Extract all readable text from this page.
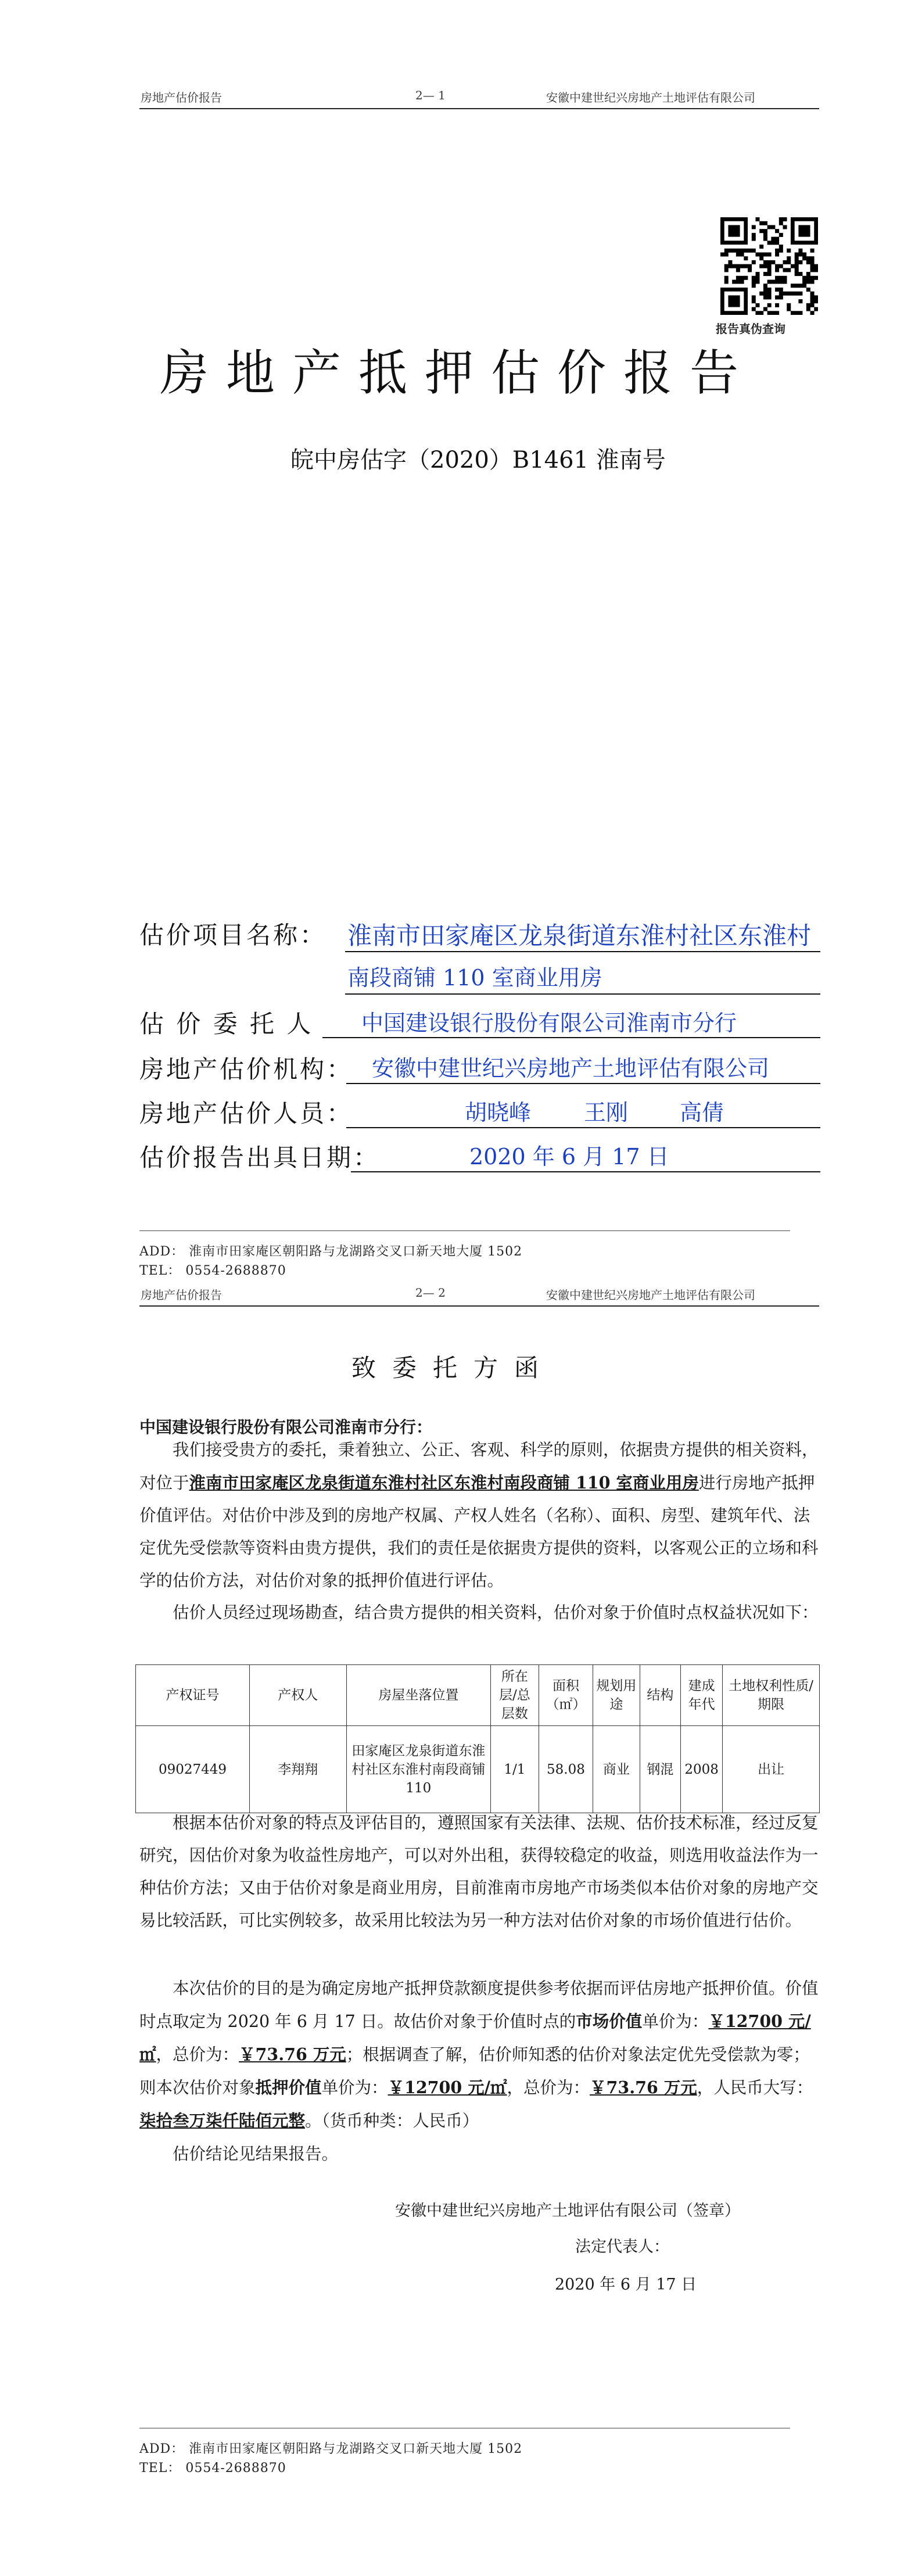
房地产估价报告	2— 1	安徽中建世纪兴房地产土地评估有限公司
报告真伪查询
房地产抵押估价报告
皖中房估字（2020）B1461 淮南号
估价项目名称： 淮南市田家庵区龙泉街道东淮村社区东淮村
南段商铺 110 室商业用房
估 价 委 托 人 中国建设银行股份有限公司淮南市分行
房地产估价机构： 安徽中建世纪兴房地产土地评估有限公司
房地产估价人员：	胡晓峰 王刚 高倩
估价报告出具日期：	2020 年 6 月 17 日
ADD： 淮南市田家庵区朝阳路与龙湖路交叉口新天地大厦 1502
TEL： 0554-2688870
房地产估价报告	2— 2	安徽中建世纪兴房地产土地评估有限公司
致委托方函
中国建设银行股份有限公司淮南市分行：
我们接受贵方的委托，秉着独立、公正、客观、科学的原则，依据贵方提供的相关资料，对位于淮南市田家庵区龙泉街道东淮村社区东淮村南段商铺 110 室商业用房进行房地产抵押价值评估。对估价中涉及到的房地产权属、产权人姓名（名称）、面积、房型、建筑年代、法定优先受偿款等资料由贵方提供，我们的责任是依据贵方提供的资料，以客观公正的立场和科学的估价方法，对估价对象的抵押价值进行评估。
估价人员经过现场勘查，结合贵方提供的相关资料，估价对象于价值时点权益状况如下：
产权证号	产权人	房屋坐落位置	所在层/总层数	面积（㎡）	规划用途	结构	建成年代	土地权利性质/期限
09027449	李翔翔	田家庵区龙泉街道东淮村社区东淮村南段商铺 110	1/1	58.08	商业	钢混	2008	出让
根据本估价对象的特点及评估目的，遵照国家有关法律、法规、估价技术标准，经过反复研究，因估价对象为收益性房地产，可以对外出租，获得较稳定的收益，则选用收益法作为一种估价方法；又由于估价对象是商业用房，目前淮南市房地产市场类似本估价对象的房地产交易比较活跃，可比实例较多，故采用比较法为另一种方法对估价对象的市场价值进行估价。
本次估价的目的是为确定房地产抵押贷款额度提供参考依据而评估房地产抵押价值。价值时点取定为 2020 年 6 月 17 日。故估价对象于价值时点的市场价值单价为：￥12700 元/㎡，总价为：￥73.76 万元；根据调查了解，估价师知悉的估价对象法定优先受偿款为零；则本次估价对象抵押价值单价为：￥12700 元/㎡，总价为：￥73.76 万元，人民币大写：柒拾叁万柒仟陆佰元整。（货币种类：人民币）
估价结论见结果报告。
安徽中建世纪兴房地产土地评估有限公司（签章）
法定代表人：
2020 年 6 月 17 日
ADD： 淮南市田家庵区朝阳路与龙湖路交叉口新天地大厦 1502
TEL： 0554-2688870
